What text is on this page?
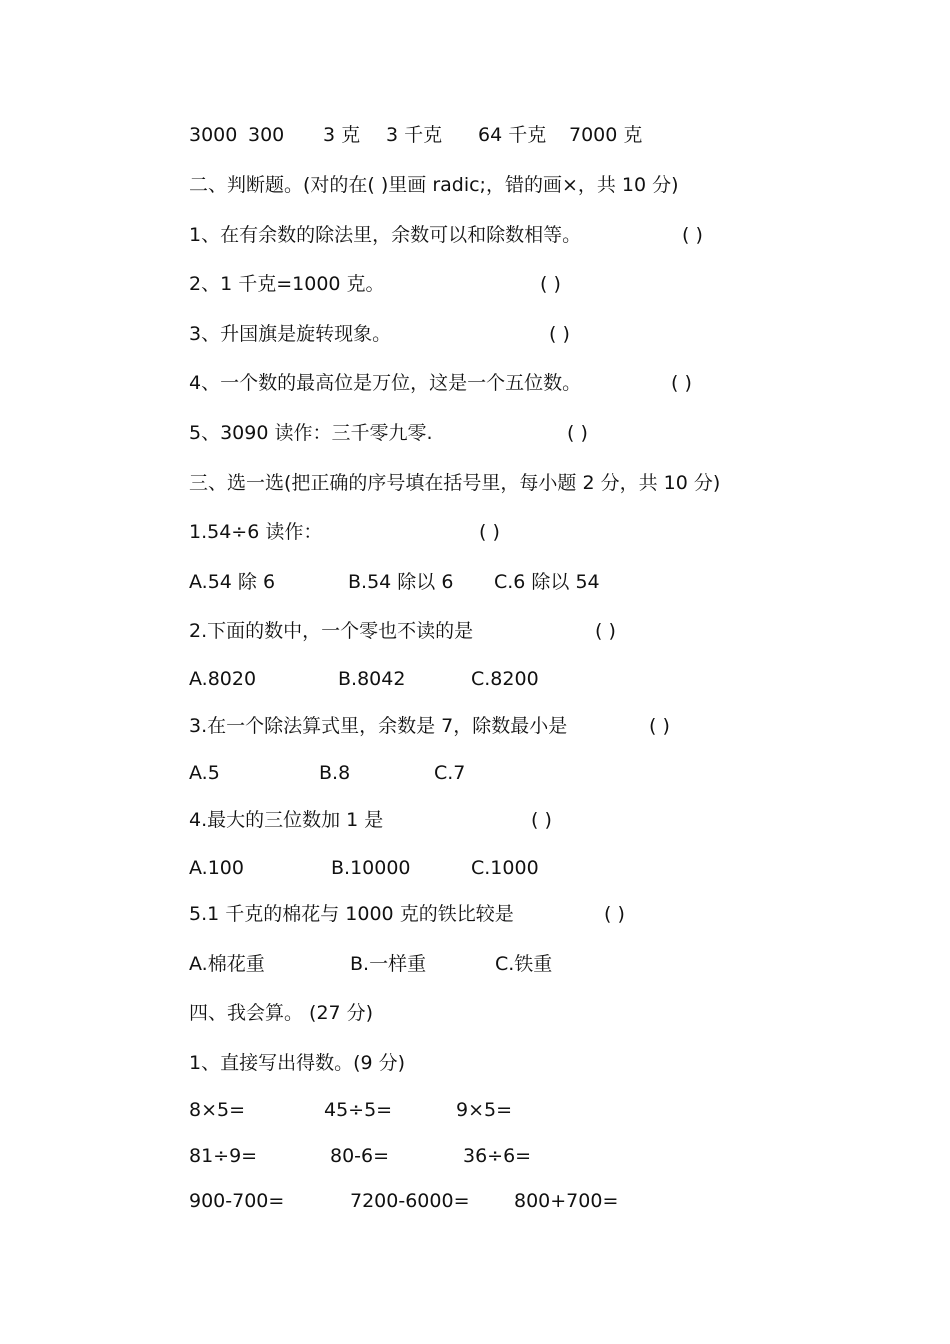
3000 300 3 克 3 千克 64 千克 7000 克
二、判断题。(对的在( )里画 radic;，错的画×，共 10 分)
1、在有余数的除法里，余数可以和除数相等。	( )
2、1 千克=1000 克。	( )
3、升国旗是旋转现象。	( )
4、一个数的最高位是万位，这是一个五位数。	( )
5、3090 读作：三千零九零.	( )
三、选一选(把正确的序号填在括号里，每小题 2 分，共 10 分)
1.54÷6 读作：	( )
A.54 除 6	B.54 除以 6 C.6 除以 54
2.下面的数中，一个零也不读的是	( )
A.8020	B.8042	C.8200
3.在一个除法算式里，余数是 7，除数最小是	( )
A.5	B.8	C.7
4.最大的三位数加 1 是	( )
A.100	B.10000	C.1000
5.1 千克的棉花与 1000 克的铁比较是	( )
A.棉花重	B.一样重	C.铁重
四、我会算。 (27 分)
1、直接写出得数。(9 分)
8×5=	45÷5=	9×5=
81÷9=	80-6=	36÷6=
900-700=	7200-6000= 800+700=
